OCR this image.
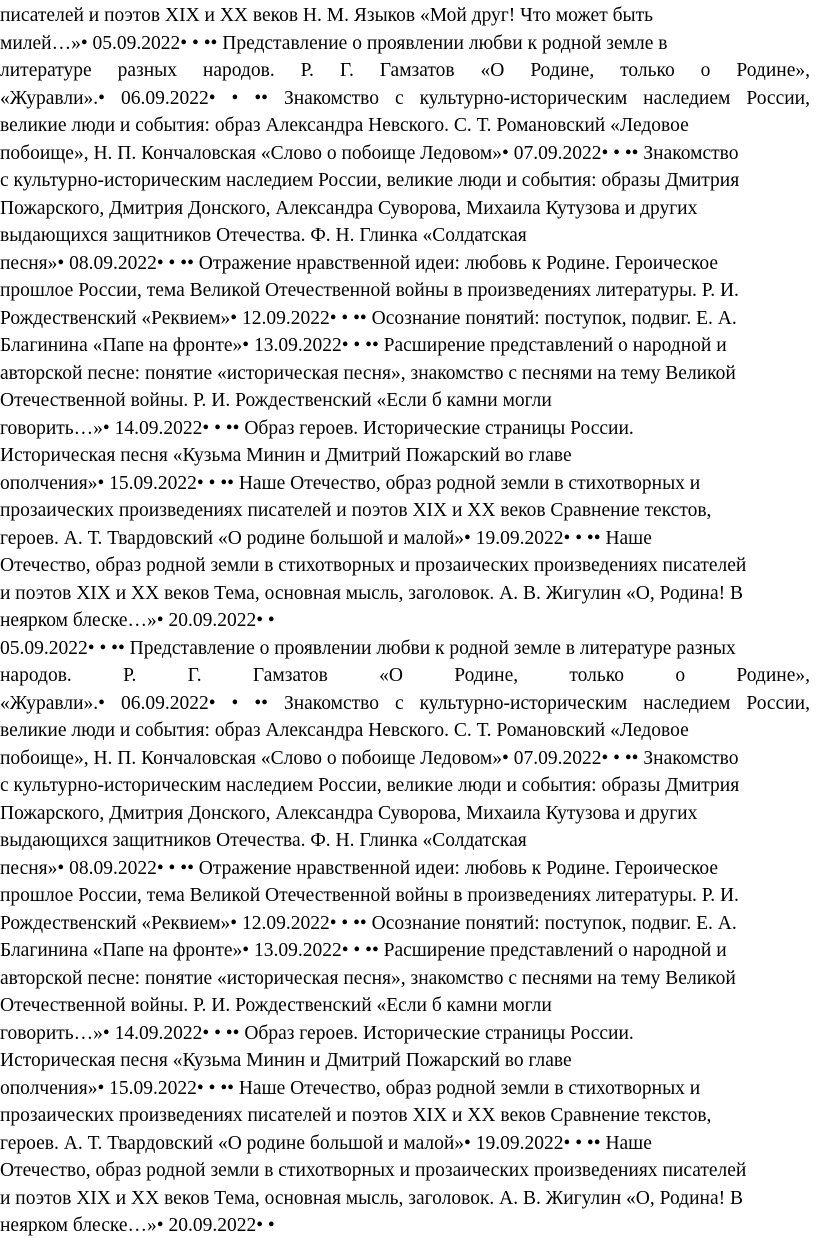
писателей и поэтов XIX и XX веков Н. М. Языков «Мой друг! Что может быть
милей…»• 05.09.2022• • •• Представление о проявлении любви к родной земле в
литературе разных народов. Р. Г. Гамзатов «О Родине, только о Родине»,
«Журавли».• 06.09.2022• • •• Знакомство с культурно-историческим наследием России,
великие люди и события: образ Александра Невского. С. Т. Романовский «Ледовое
побоище», Н. П. Кончаловская «Слово о побоище Ледовом»• 07.09.2022• • •• Знакомство
с культурно-историческим наследием России, великие люди и события: образы Дмитрия
Пожарского, Дмитрия Донского, Александра Суворова, Михаила Кутузова и других
выдающихся защитников Отечества. Ф. Н. Глинка «Солдатская
песня»• 08.09.2022• • •• Отражение нравственной идеи: любовь к Родине. Героическое
прошлое России, тема Великой Отечественной войны в произведениях литературы. Р. И.
Рождественский «Реквием»• 12.09.2022• • •• Осознание понятий: поступок, подвиг. Е. А.
Благинина «Папе на фронте»• 13.09.2022• • •• Расширение представлений о народной и
авторской песне: понятие «историческая песня», знакомство с песнями на тему Великой
Отечественной войны. Р. И. Рождественский «Если б камни могли
говорить…»• 14.09.2022• • •• Образ героев. Исторические страницы России.
Историческая песня «Кузьма Минин и Дмитрий Пожарский во главе
ополчения»• 15.09.2022• • •• Наше Отечество, образ родной земли в стихотворных и
прозаических произведениях писателей и поэтов XIX и XX веков Сравнение текстов,
героев. А. Т. Твардовский «О родине большой и малой»• 19.09.2022• • •• Наше
Отечество, образ родной земли в стихотворных и прозаических произведениях писателей
и поэтов XIX и XX веков Тема, основная мысль, заголовок. А. В. Жигулин «О, Родина! В
неярком блеске…»• 20.09.2022• •
05.09.2022• • •• Представление о проявлении любви к родной земле в литературе разных
народов. Р. Г. Гамзатов «О Родине, только о Родине»,
«Журавли».• 06.09.2022• • •• Знакомство с культурно-историческим наследием России,
великие люди и события: образ Александра Невского. С. Т. Романовский «Ледовое
побоище», Н. П. Кончаловская «Слово о побоище Ледовом»• 07.09.2022• • •• Знакомство
с культурно-историческим наследием России, великие люди и события: образы Дмитрия
Пожарского, Дмитрия Донского, Александра Суворова, Михаила Кутузова и других
выдающихся защитников Отечества. Ф. Н. Глинка «Солдатская
песня»• 08.09.2022• • •• Отражение нравственной идеи: любовь к Родине. Героическое
прошлое России, тема Великой Отечественной войны в произведениях литературы. Р. И.
Рождественский «Реквием»• 12.09.2022• • •• Осознание понятий: поступок, подвиг. Е. А.
Благинина «Папе на фронте»• 13.09.2022• • •• Расширение представлений о народной и
авторской песне: понятие «историческая песня», знакомство с песнями на тему Великой
Отечественной войны. Р. И. Рождественский «Если б камни могли
говорить…»• 14.09.2022• • •• Образ героев. Исторические страницы России.
Историческая песня «Кузьма Минин и Дмитрий Пожарский во главе
ополчения»• 15.09.2022• • •• Наше Отечество, образ родной земли в стихотворных и
прозаических произведениях писателей и поэтов XIX и XX веков Сравнение текстов,
героев. А. Т. Твардовский «О родине большой и малой»• 19.09.2022• • •• Наше
Отечество, образ родной земли в стихотворных и прозаических произведениях писателей
и поэтов XIX и XX веков Тема, основная мысль, заголовок. А. В. Жигулин «О, Родина! В
неярком блеске…»• 20.09.2022• •
